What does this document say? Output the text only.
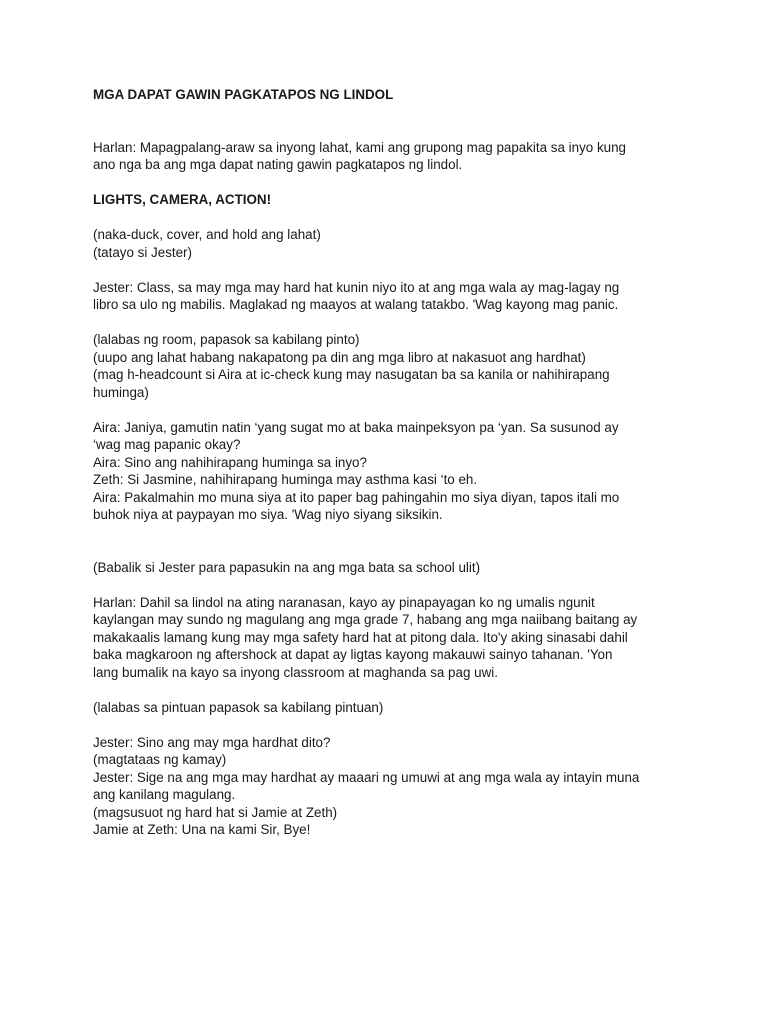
MGA DAPAT GAWIN PAGKATAPOS NG LINDOL

Harlan: Mapagpalang-araw sa inyong lahat, kami ang grupong mag papakita sa inyo kung
ano nga ba ang mga dapat nating gawin pagkatapos ng lindol.

LIGHTS, CAMERA, ACTION!

(naka-duck, cover, and hold ang lahat)
(tatayo si Jester)
Jester: Class, sa may mga may hard hat kunin niyo ito at ang mga wala ay mag-lagay ng
libro sa ulo ng mabilis. Maglakad ng maayos at walang tatakbo. 'Wag kayong mag panic.
(lalabas ng room, papasok sa kabilang pinto)
(uupo ang lahat habang nakapatong pa din ang mga libro at nakasuot ang hardhat)
(mag h-headcount si Aira at ic-check kung may nasugatan ba sa kanila or nahihirapang
huminga)
Aira: Janiya, gamutin natin ‘yang sugat mo at baka mainpeksyon pa ‘yan. Sa susunod ay
‘wag mag papanic okay?
Aira: Sino ang nahihirapang huminga sa inyo?
Zeth: Si Jasmine, nahihirapang huminga may asthma kasi ‘to eh.
Aira: Pakalmahin mo muna siya at ito paper bag pahingahin mo siya diyan, tapos itali mo
buhok niya at paypayan mo siya. 'Wag niyo siyang siksikin.
(Babalik si Jester para papasukin na ang mga bata sa school ulit)
Harlan: Dahil sa lindol na ating naranasan, kayo ay pinapayagan ko ng umalis ngunit
kaylangan may sundo ng magulang ang mga grade 7, habang ang mga naiibang baitang ay
makakaalis lamang kung may mga safety hard hat at pitong dala. Ito'y aking sinasabi dahil
baka magkaroon ng aftershock at dapat ay ligtas kayong makauwi sainyo tahanan. 'Yon
lang bumalik na kayo sa inyong classroom at maghanda sa pag uwi.
(lalabas sa pintuan papasok sa kabilang pintuan)
Jester: Sino ang may mga hardhat dito?
(magtataas ng kamay)
Jester: Sige na ang mga may hardhat ay maaari ng umuwi at ang mga wala ay intayin muna
ang kanilang magulang.
(magsusuot ng hard hat si Jamie at Zeth)
Jamie at Zeth: Una na kami Sir, Bye!
